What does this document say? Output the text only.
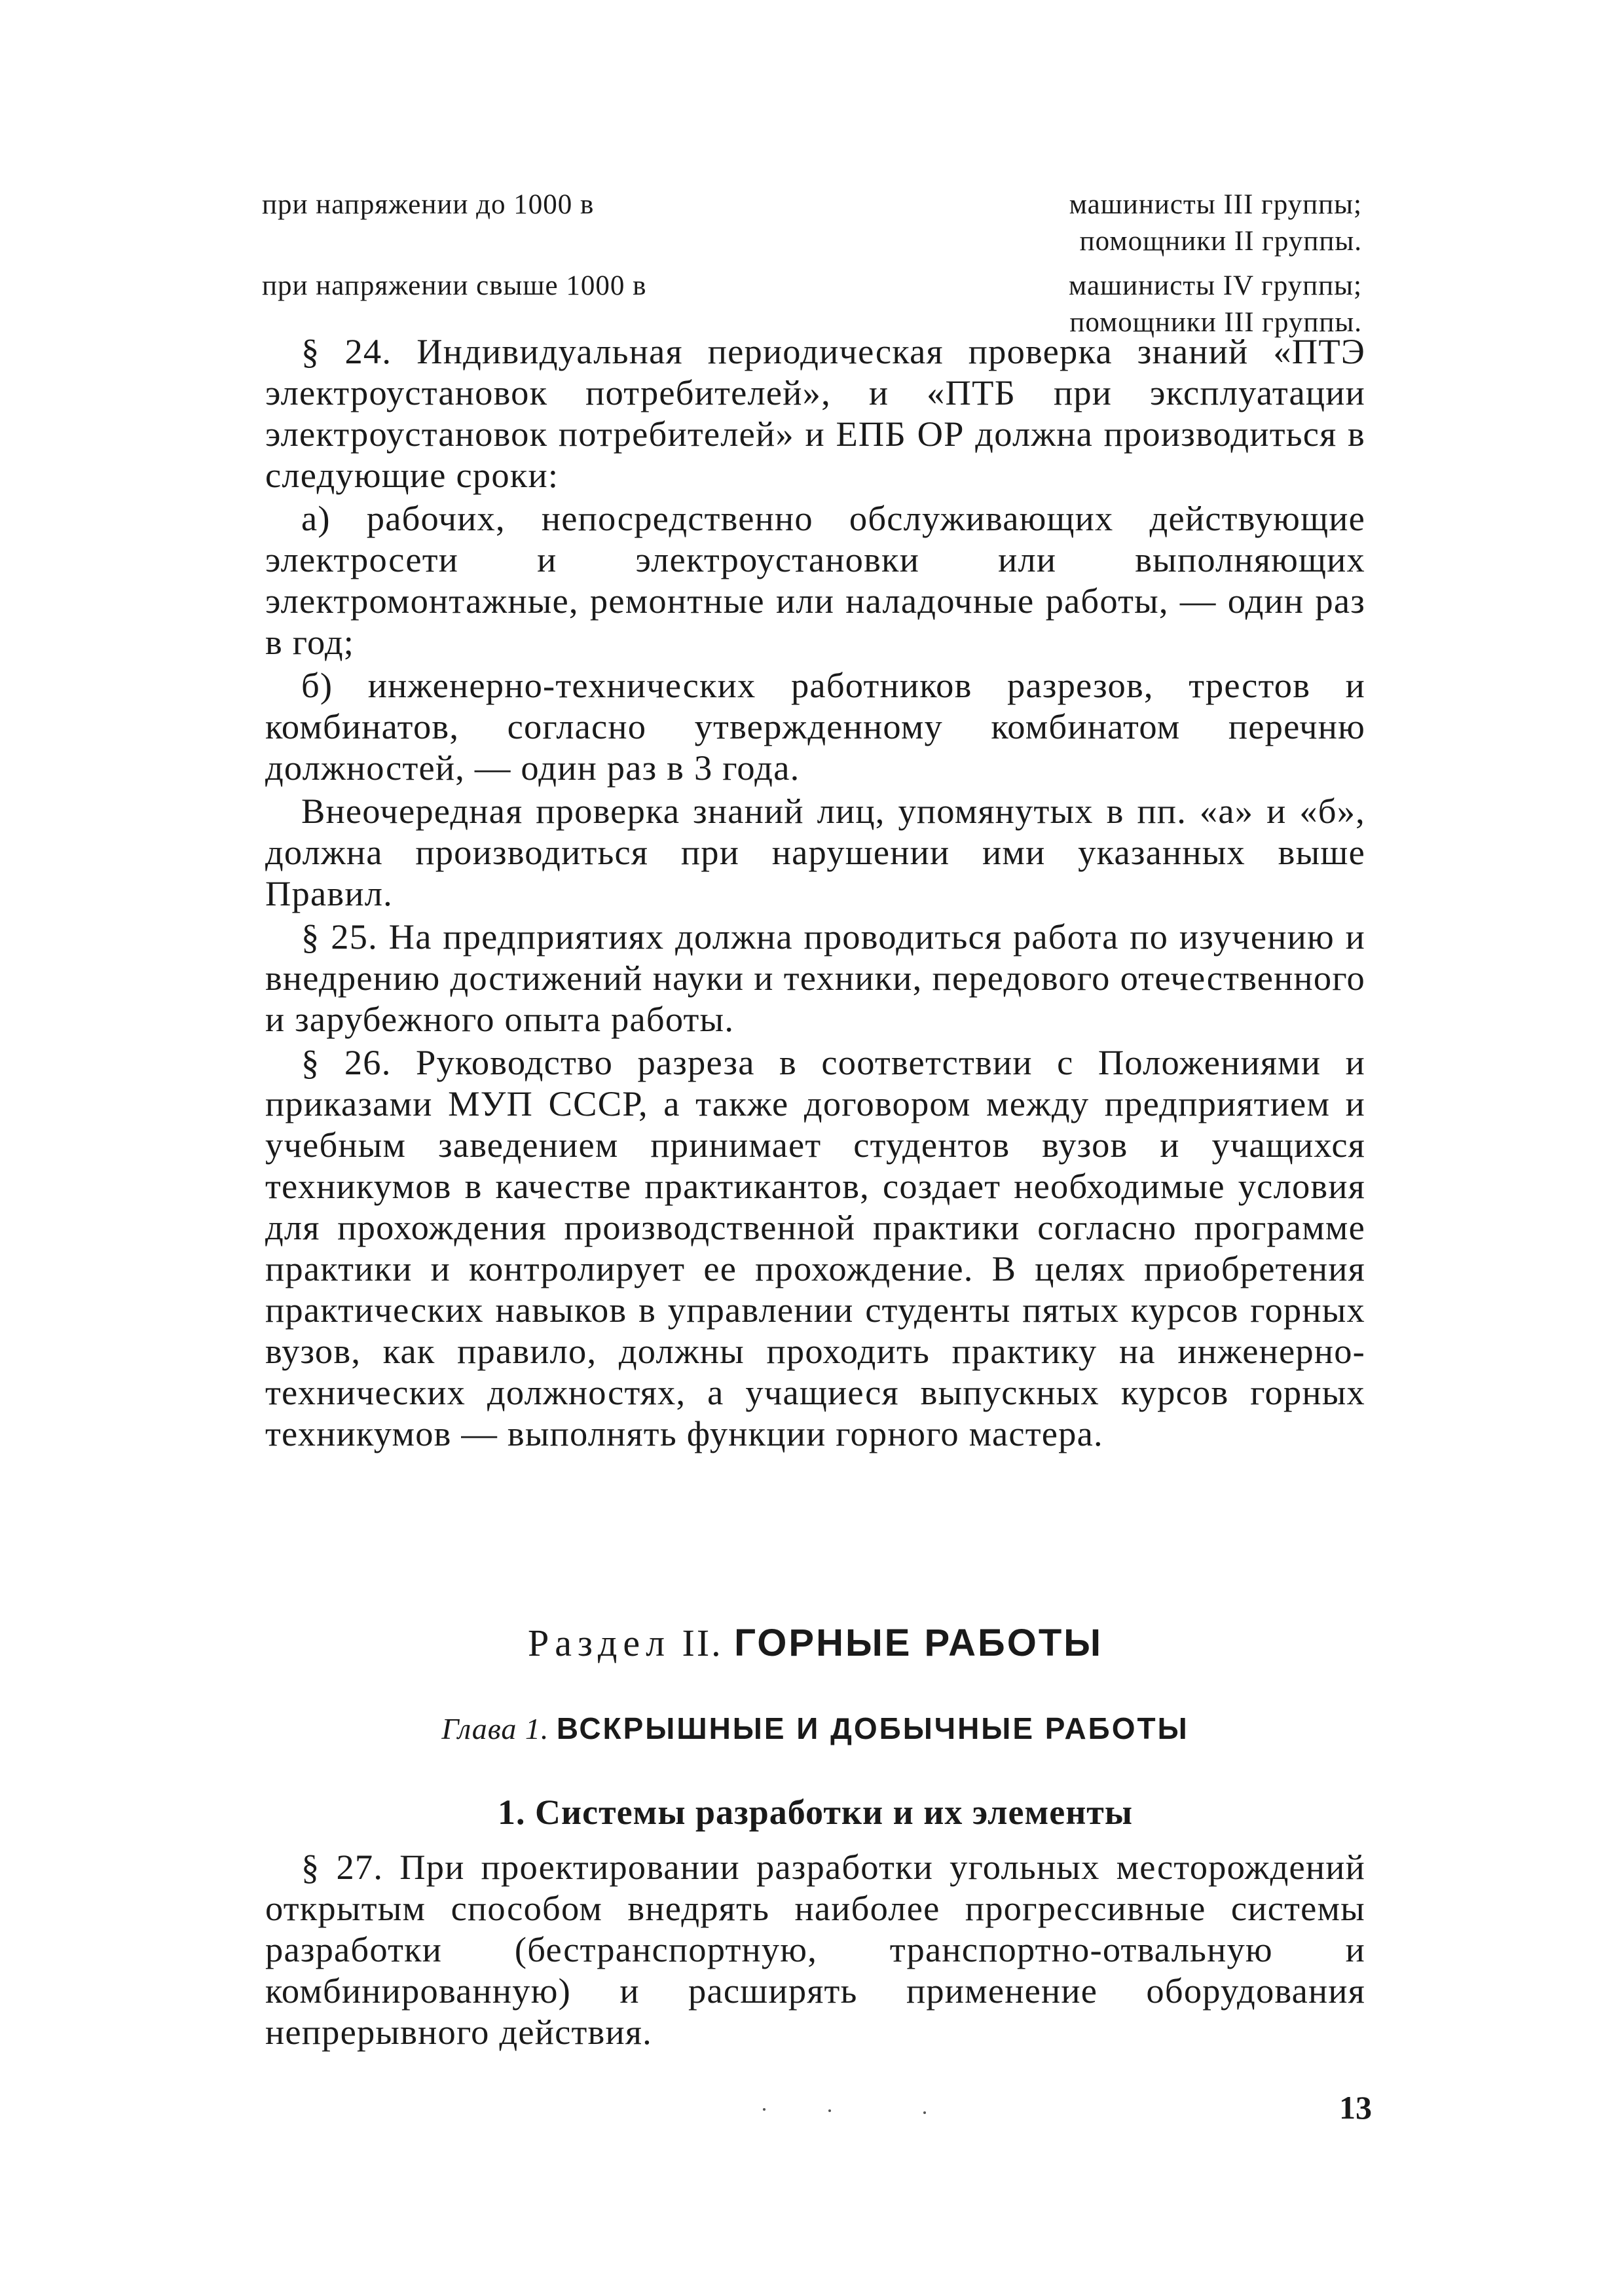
при напряжении до 1000 в	машинисты III группы;
помощники II группы.
при напряжении свыше 1000 в	машинисты IV группы;
помощники III группы.

§ 24. Индивидуальная периодическая проверка знаний «ПТЭ электроустановок потребителей», и «ПТБ при эксплуатации электроустановок потребителей» и ЕПБ ОР должна производиться в следующие сроки:

а) рабочих, непосредственно обслуживающих действующие электросети и электроустановки или выполняющих электромонтажные, ремонтные или наладочные работы, — один раз в год;

б) инженерно-технических работников разрезов, трестов и комбинатов, согласно утвержденному комбинатом перечню должностей, — один раз в 3 года.

Внеочередная проверка знаний лиц, упомянутых в пп. «а» и «б», должна производиться при нарушении ими указанных выше Правил.

§ 25. На предприятиях должна проводиться работа по изучению и внедрению достижений науки и техники, передового отечественного и зарубежного опыта работы.

§ 26. Руководство разреза в соответствии с Положениями и приказами МУП СССР, а также договором между предприятием и учебным заведением принимает студентов вузов и учащихся техникумов в качестве практикантов, создает необходимые условия для прохождения производственной практики согласно программе практики и контролирует ее прохождение. В целях приобретения практических навыков в управлении студенты пятых курсов горных вузов, как правило, должны проходить практику на инженерно-технических должностях, а учащиеся выпускных курсов горных техникумов — выполнять функции горного мастера.

Раздел II. ГОРНЫЕ РАБОТЫ
Глава 1. ВСКРЫШНЫЕ И ДОБЫЧНЫЕ РАБОТЫ
1. Системы разработки и их элементы

§ 27. При проектировании разработки угольных месторождений открытым способом внедрять наиболее прогрессивные системы разработки (бестранспортную, транспортно-отвальную и комбинированную) и расширять применение оборудования непрерывного действия.

13
